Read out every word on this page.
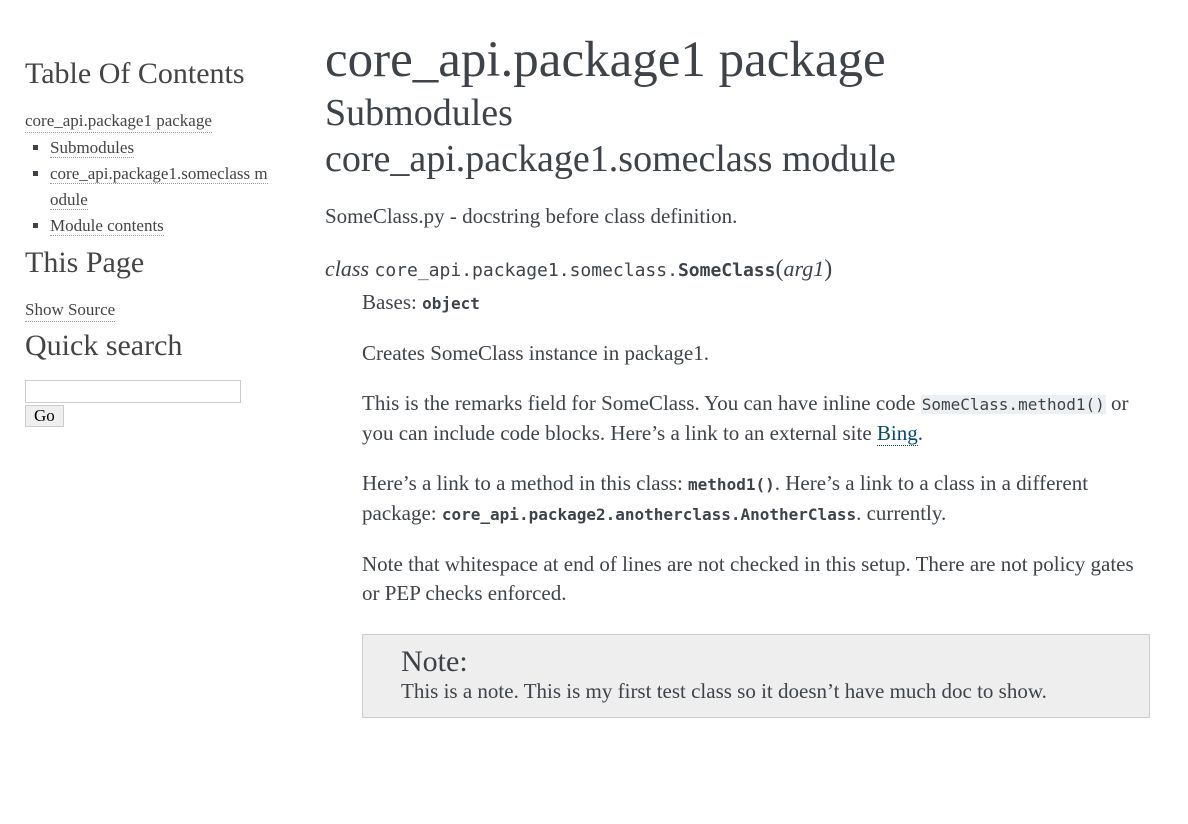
Table Of Contents
core_api.package1 package
▪ Submodules
▪ core_api.package1.someclass module
▪ Module contents
This Page
Show Source
Quick search
Go
core_api.package1 package
Submodules
core_api.package1.someclass module

SomeClass.py - docstring before class definition.

class core_api.package1.someclass.SomeClass(arg1)

Bases: object

Creates SomeClass instance in package1.

This is the remarks field for SomeClass. You can have inline code SomeClass.method1() or you can include code blocks. Here’s a link to an external site Bing.

Here’s a link to a method in this class: method1(). Here’s a link to a class in a different package: core_api.package2.anotherclass.AnotherClass. currently.

Note that whitespace at end of lines are not checked in this setup. There are not policy gates or PEP checks enforced.

Note:

This is a note. This is my first test class so it doesn’t have much doc to show.
